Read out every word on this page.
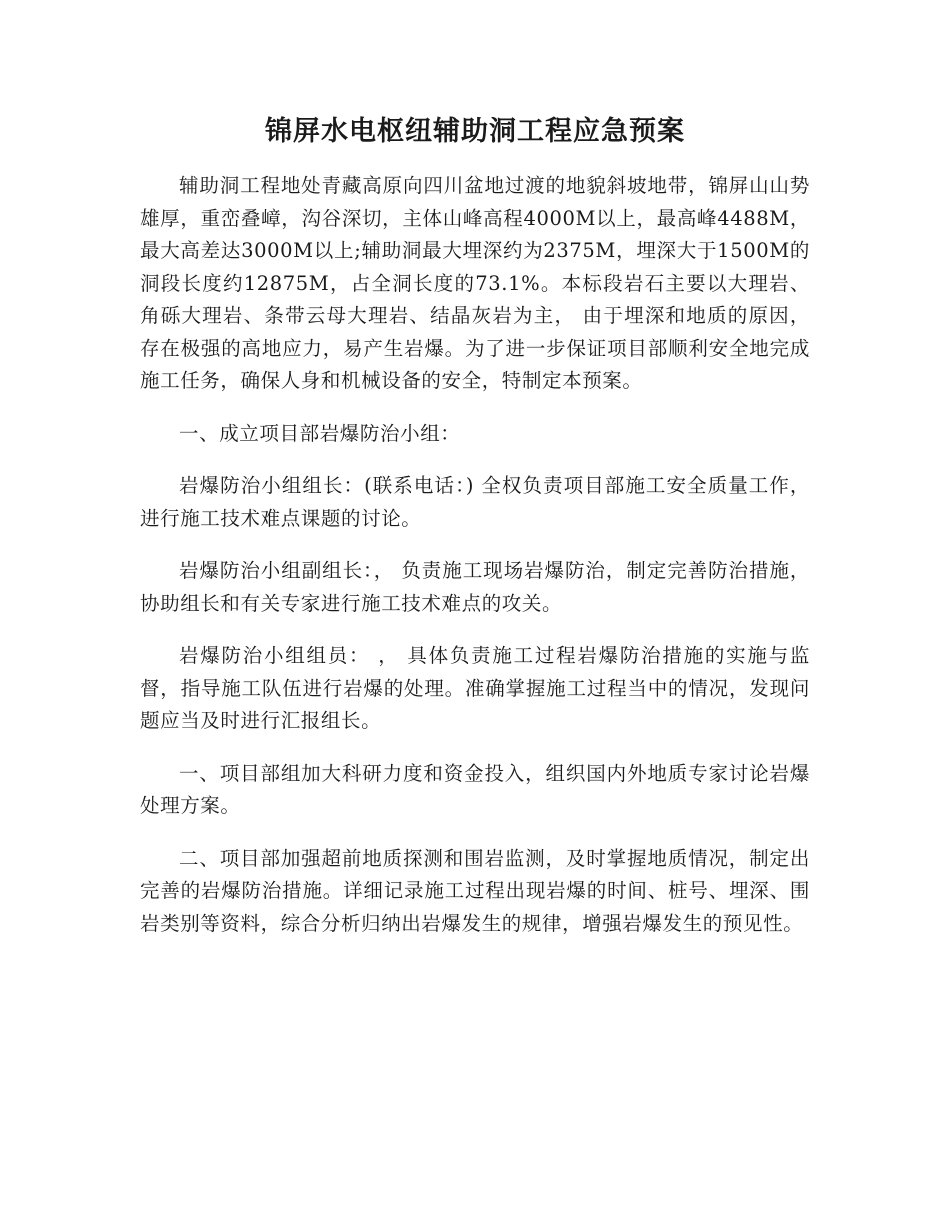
锦屏水电枢纽辅助洞工程应急预案

辅助洞工程地处青藏高原向四川盆地过渡的地貌斜坡地带，锦屏山山势雄厚，重峦叠嶂，沟谷深切，主体山峰高程4000M以上，最高峰4488M，最大高差达3000M以上;辅助洞最大埋深约为2375M，埋深大于1500M的洞段长度约12875M，占全洞长度的73.1%。本标段岩石主要以大理岩、角砾大理岩、条带云母大理岩、结晶灰岩为主， 由于埋深和地质的原因，存在极强的高地应力，易产生岩爆。为了进一步保证项目部顺利安全地完成施工任务，确保人身和机械设备的安全，特制定本预案。

一、成立项目部岩爆防治小组：

岩爆防治小组组长：(联系电话：) 全权负责项目部施工安全质量工作，进行施工技术难点课题的讨论。

岩爆防治小组副组长：， 负责施工现场岩爆防治，制定完善防治措施，协助组长和有关专家进行施工技术难点的攻关。

岩爆防治小组组员： ， 具体负责施工过程岩爆防治措施的实施与监督，指导施工队伍进行岩爆的处理。准确掌握施工过程当中的情况，发现问题应当及时进行汇报组长。

一、项目部组加大科研力度和资金投入，组织国内外地质专家讨论岩爆处理方案。

二、项目部加强超前地质探测和围岩监测，及时掌握地质情况，制定出完善的岩爆防治措施。详细记录施工过程出现岩爆的时间、桩号、埋深、围岩类别等资料，综合分析归纳出岩爆发生的规律，增强岩爆发生的预见性。
